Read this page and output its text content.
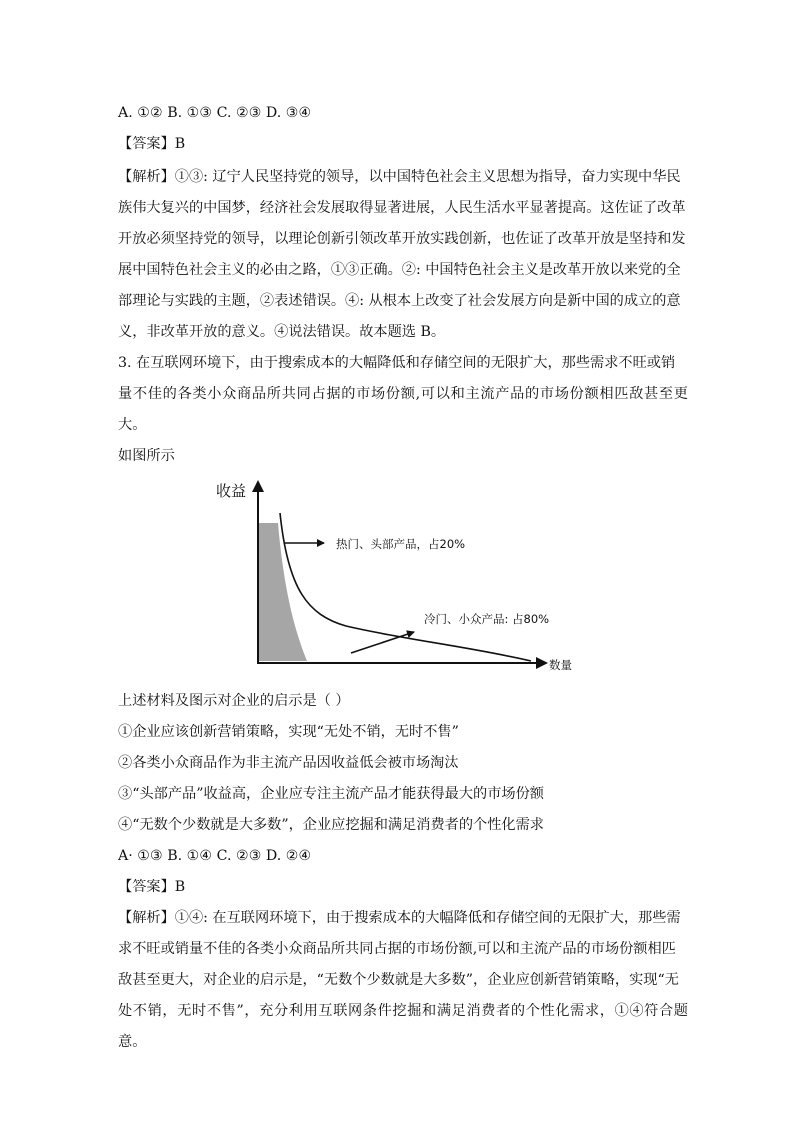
A. ①② B. ①③ C. ②③ D. ③④

【答案】B

【解析】①③: 辽宁人民坚持党的领导，以中国特色社会主义思想为指导，奋力实现中华民

族伟大复兴的中国梦，经济社会发展取得显著进展，人民生活水平显著提高。这佐证了改革

开放必须坚持党的领导，以理论创新引领改革开放实践创新，也佐证了改革开放是坚持和发

展中国特色社会主义的必由之路，①③正确。②: 中国特色社会主义是改革开放以来党的全

部理论与实践的主题，②表述错误。④: 从根本上改变了社会发展方向是新中国的成立的意

义，非改革开放的意义。④说法错误。故本题选 B。

3. 在互联网环境下，由于搜索成本的大幅降低和存储空间的无限扩大，那些需求不旺或销

量不佳的各类小众商品所共同占据的市场份额,可以和主流产品的市场份额相匹敌甚至更大。

如图所示

收益
数量
热门、头部产品，占20%
冷门、小众产品: 占80%

上述材料及图示对企业的启示是（ ）

①企业应该创新营销策略，实现“无处不销，无时不售”

②各类小众商品作为非主流产品因收益低会被市场淘汰

③“头部产品”收益高，企业应专注主流产品才能获得最大的市场份额

④“无数个少数就是大多数”，企业应挖掘和满足消费者的个性化需求

A· ①③ B. ①④ C. ②③ D. ②④

【答案】B

【解析】①④: 在互联网环境下，由于搜索成本的大幅降低和存储空间的无限扩大，那些需

求不旺或销量不佳的各类小众商品所共同占据的市场份额,可以和主流产品的市场份额相匹

敌甚至更大，对企业的启示是，“无数个少数就是大多数”，企业应创新营销策略，实现“无

处不销，无时不售”，充分利用互联网条件挖掘和满足消费者的个性化需求，①④符合题意。
